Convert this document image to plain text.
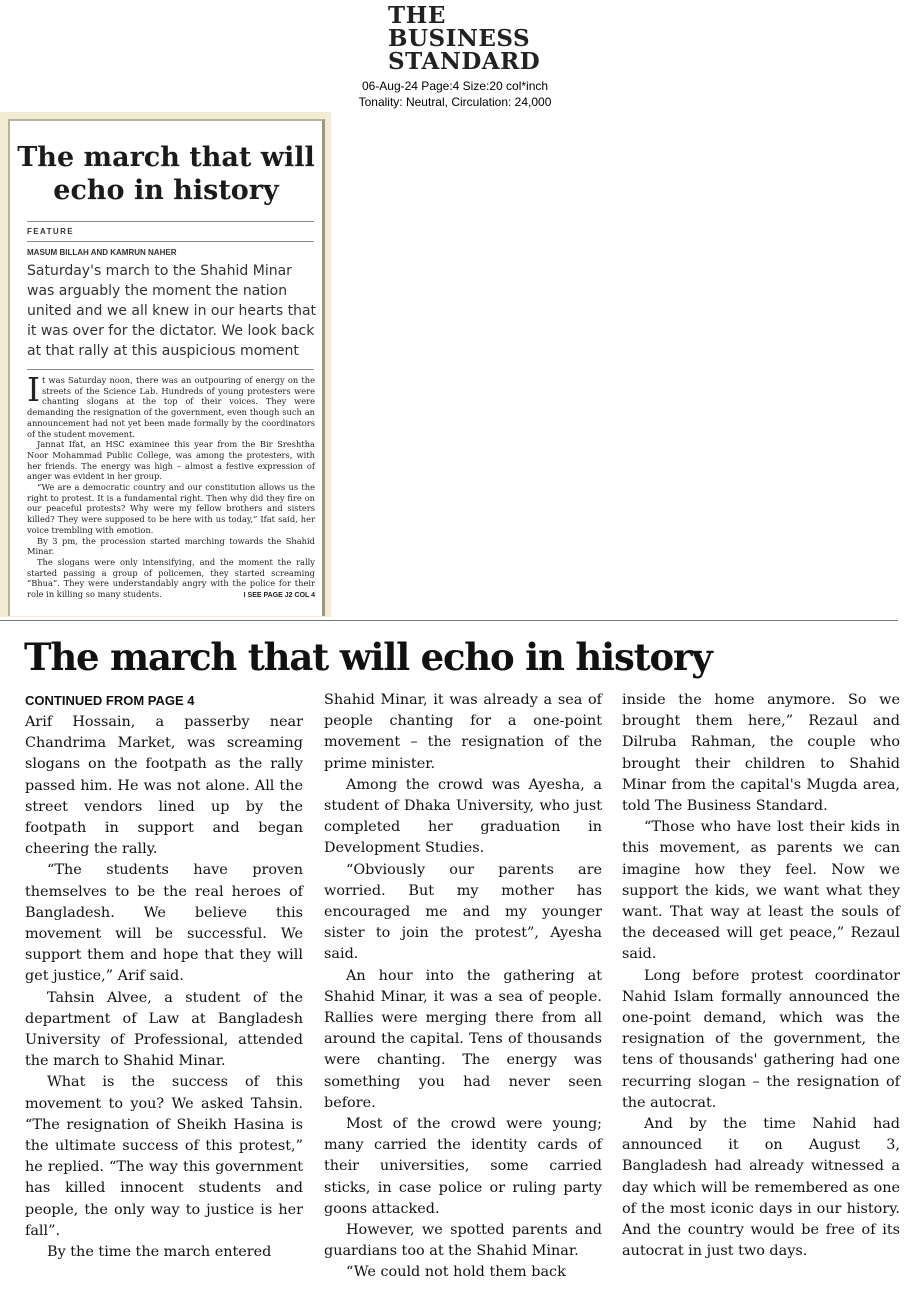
THE
BUSINESS
STANDARD
06-Aug-24 Page:4 Size:20 col*inch
Tonality: Neutral, Circulation: 24,000
The march that will
echo in history
FEATURE
MASUM BILLAH AND KAMRUN NAHER
Saturday's march to the Shahid Minar was arguably the moment the nation united and we all knew in our hearts that it was over for the dictator. We look back at that rally at this auspicious moment

It was Saturday noon, there was an outpouring of energy on the streets of the Science Lab. Hundreds of young protesters were chanting slogans at the top of their voices. They were demanding the resignation of the government, even though such an announcement had not yet been made formally by the coordinators of the student movement.

Jannat Ifat, an HSC examinee this year from the Bir Sreshtha Noor Mohammad Public College, was among the protesters, with her friends. The energy was high – almost a festive expression of anger was evident in her group.

“We are a democratic country and our constitution allows us the right to protest. It is a fundamental right. Then why did they fire on our peaceful protests? Why were my fellow brothers and sisters killed? They were supposed to be here with us today,” Ifat said, her voice trembling with emotion.

By 3 pm, the procession started marching towards the Shahid Minar.

The slogans were only intensifying, and the moment the rally started passing a group of policemen, they started screaming “Bhua”. They were understandably angry with the police for their role in killing so many students.	I SEE PAGE J2 COL 4

The march that will echo in history
CONTINUED FROM PAGE 4

Arif Hossain, a passerby near Chandrima Market, was screaming slogans on the footpath as the rally passed him. He was not alone. All the street vendors lined up by the footpath in support and began cheering the rally.

“The students have proven themselves to be the real heroes of Bangladesh. We believe this movement will be successful. We support them and hope that they will get justice,” Arif said.

Tahsin Alvee, a student of the department of Law at Bangladesh University of Professional, attended the march to Shahid Minar.

What is the success of this movement to you? We asked Tahsin. “The resignation of Sheikh Hasina is the ultimate success of this protest,” he replied. “The way this government has killed innocent students and people, the only way to justice is her fall”.

By the time the march entered

Shahid Minar, it was already a sea of people chanting for a one-point movement – the resignation of the prime minister.

Among the crowd was Ayesha, a student of Dhaka University, who just completed her graduation in Development Studies.

“Obviously our parents are worried. But my mother has encouraged me and my younger sister to join the protest”, Ayesha said.

An hour into the gathering at Shahid Minar, it was a sea of people. Rallies were merging there from all around the capital. Tens of thousands were chanting. The energy was something you had never seen before.

Most of the crowd were young; many carried the identity cards of their universities, some carried sticks, in case police or ruling party goons attacked.

However, we spotted parents and guardians too at the Shahid Minar.

“We could not hold them back

inside the home anymore. So we brought them here,” Rezaul and Dilruba Rahman, the couple who brought their children to Shahid Minar from the capital's Mugda area, told The Business Standard.

“Those who have lost their kids in this movement, as parents we can imagine how they feel. Now we support the kids, we want what they want. That way at least the souls of the deceased will get peace,” Rezaul said.

Long before protest coordinator Nahid Islam formally announced the one-point demand, which was the resignation of the government, the tens of thousands' gathering had one recurring slogan – the resignation of the autocrat.

And by the time Nahid had announced it on August 3, Bangladesh had already witnessed a day which will be remembered as one of the most iconic days in our history. And the country would be free of its autocrat in just two days.
